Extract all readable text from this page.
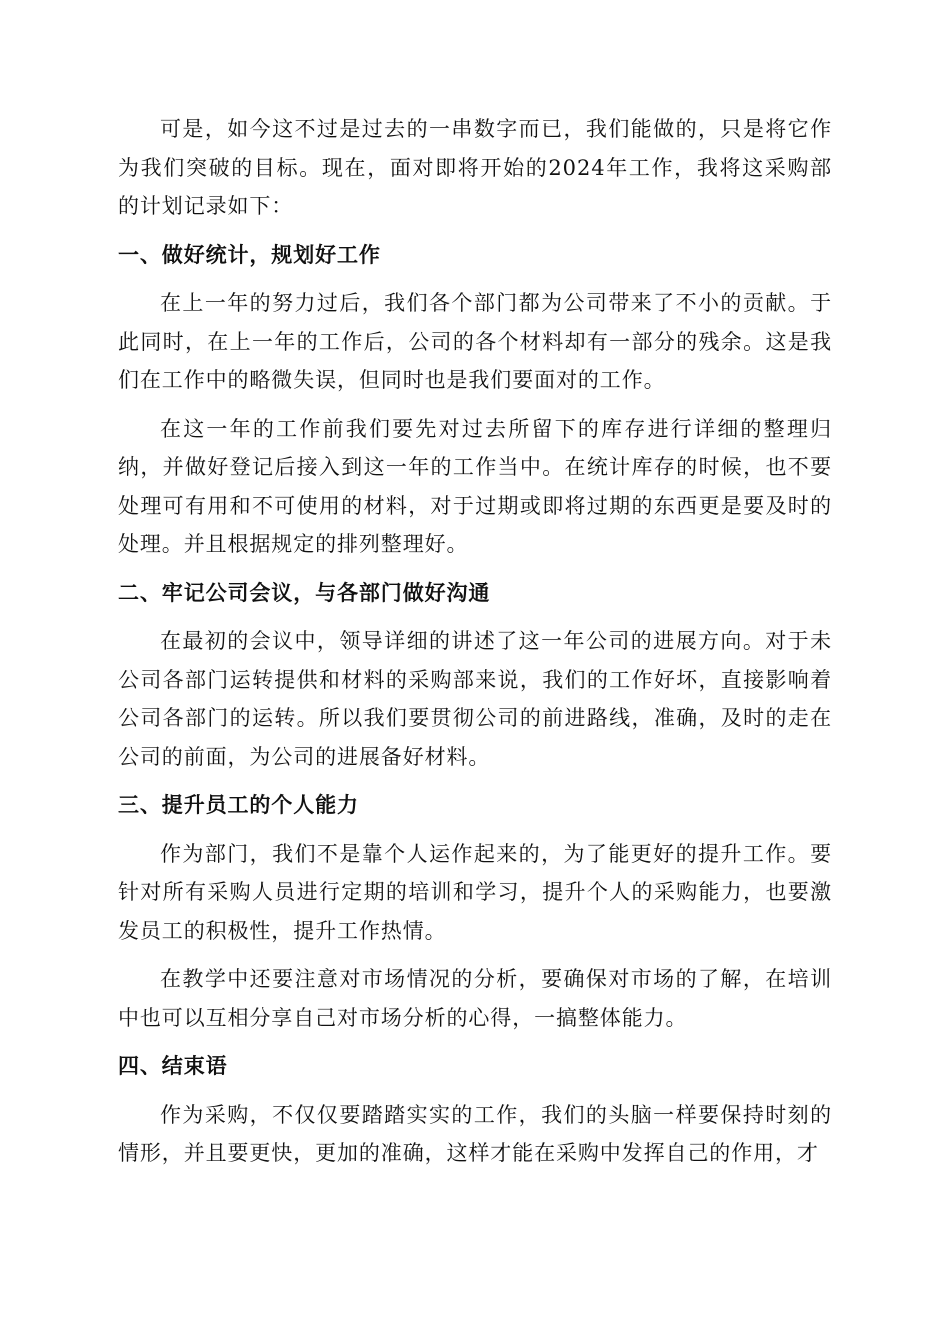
可是，如今这不过是过去的一串数字而已，我们能做的，只是将它作为我们突破的目标。现在，面对即将开始的2024年工作，我将这采购部的计划记录如下：

一、做好统计，规划好工作

在上一年的努力过后，我们各个部门都为公司带来了不小的贡献。于此同时，在上一年的工作后，公司的各个材料却有一部分的残余。这是我们在工作中的略微失误，但同时也是我们要面对的工作。

在这一年的工作前我们要先对过去所留下的库存进行详细的整理归纳，并做好登记后接入到这一年的工作当中。在统计库存的时候，也不要处理可有用和不可使用的材料，对于过期或即将过期的东西更是要及时的处理。并且根据规定的排列整理好。

二、牢记公司会议，与各部门做好沟通

在最初的会议中，领导详细的讲述了这一年公司的进展方向。对于未公司各部门运转提供和材料的采购部来说，我们的工作好坏，直接影响着公司各部门的运转。所以我们要贯彻公司的前进路线，准确，及时的走在公司的前面，为公司的进展备好材料。

三、提升员工的个人能力

作为部门，我们不是靠个人运作起来的，为了能更好的提升工作。要针对所有采购人员进行定期的培训和学习，提升个人的采购能力，也要激发员工的积极性，提升工作热情。

在教学中还要注意对市场情况的分析，要确保对市场的了解，在培训中也可以互相分享自己对市场分析的心得，一搞整体能力。

四、结束语

作为采购，不仅仅要踏踏实实的工作，我们的头脑一样要保持时刻的情形，并且要更快，更加的准确，这样才能在采购中发挥自己的作用，才
